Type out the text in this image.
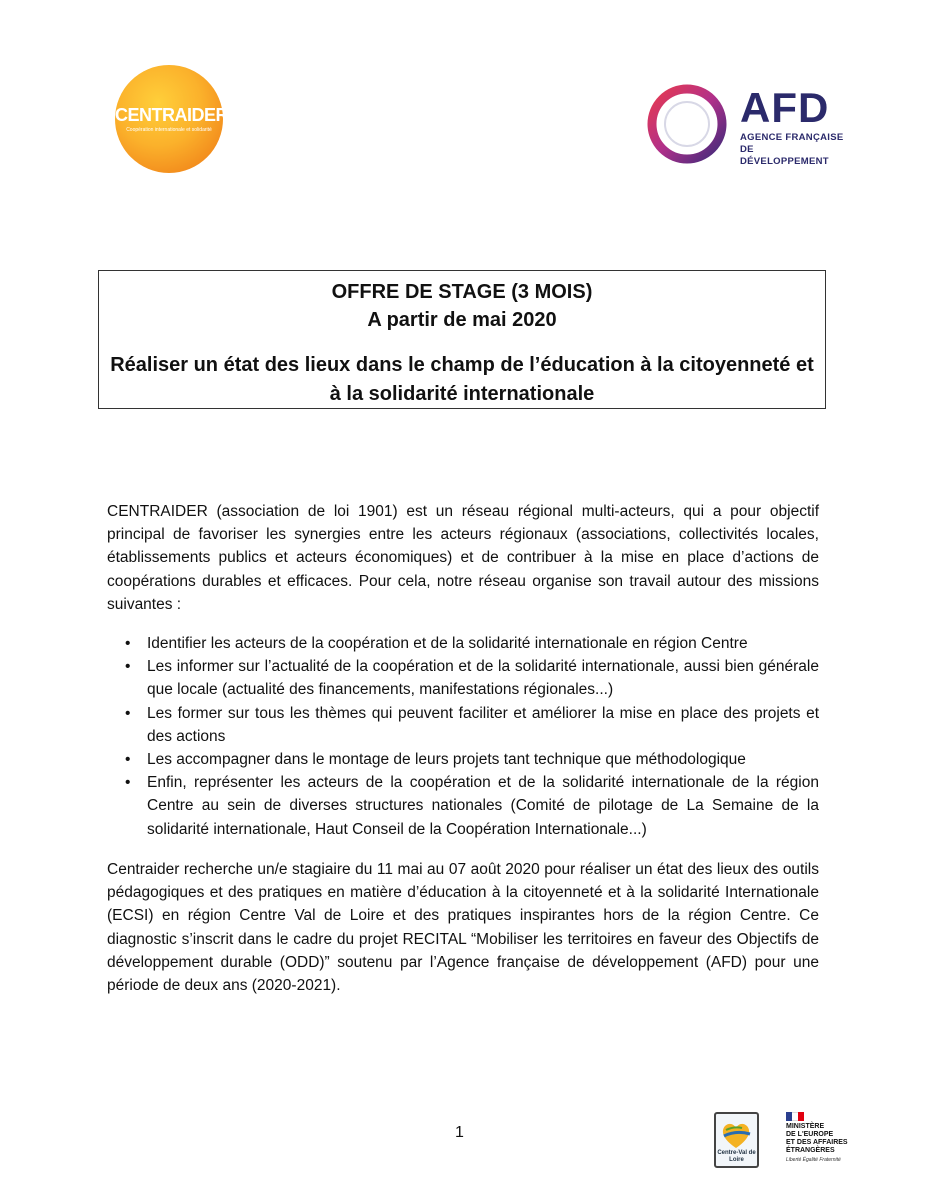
CENTRAIDER
Coopération internationale et solidarité	AFD
AGENCE FRANÇAISE
DE DÉVELOPPEMENT
OFFRE DE STAGE (3 MOIS)
A partir de mai 2020
Réaliser un état des lieux dans le champ de l’éducation à la citoyenneté et à la solidarité internationale

CENTRAIDER (association de loi 1901) est un réseau régional multi-acteurs, qui a pour objectif principal de favoriser les synergies entre les acteurs régionaux (associations, collectivités locales, établissements publics et acteurs économiques) et de contribuer à la mise en place d’actions de coopérations durables et efficaces. Pour cela, notre réseau organise son travail autour des missions suivantes :

•	Identifier les acteurs de la coopération et de la solidarité internationale en région Centre
•	Les informer sur l’actualité de la coopération et de la solidarité internationale, aussi bien générale que locale (actualité des financements, manifestations régionales...)
•	Les former sur tous les thèmes qui peuvent faciliter et améliorer la mise en place des projets et des actions
•	Les accompagner dans le montage de leurs projets tant technique que méthodologique
•	Enfin, représenter les acteurs de la coopération et de la solidarité internationale de la région Centre au sein de diverses structures nationales (Comité de pilotage de La Semaine de la solidarité internationale, Haut Conseil de la Coopération Internationale...)

Centraider recherche un/e stagiaire du 11 mai au 07 août 2020 pour réaliser un état des lieux des outils pédagogiques et des pratiques en matière d’éducation à la citoyenneté et à la solidarité Internationale (ECSI) en région Centre Val de Loire et des pratiques inspirantes hors de la région Centre. Ce diagnostic s’inscrit dans le cadre du projet RECITAL “Mobiliser les territoires en faveur des Objectifs de développement durable (ODD)” soutenu par l’Agence française de développement (AFD) pour une période de deux ans (2020-2021).

1
Centre-Val de Loire
MINISTÈRE
DE L'EUROPE
ET DES AFFAIRES
ÉTRANGÈRES
Liberté Égalité Fraternité
